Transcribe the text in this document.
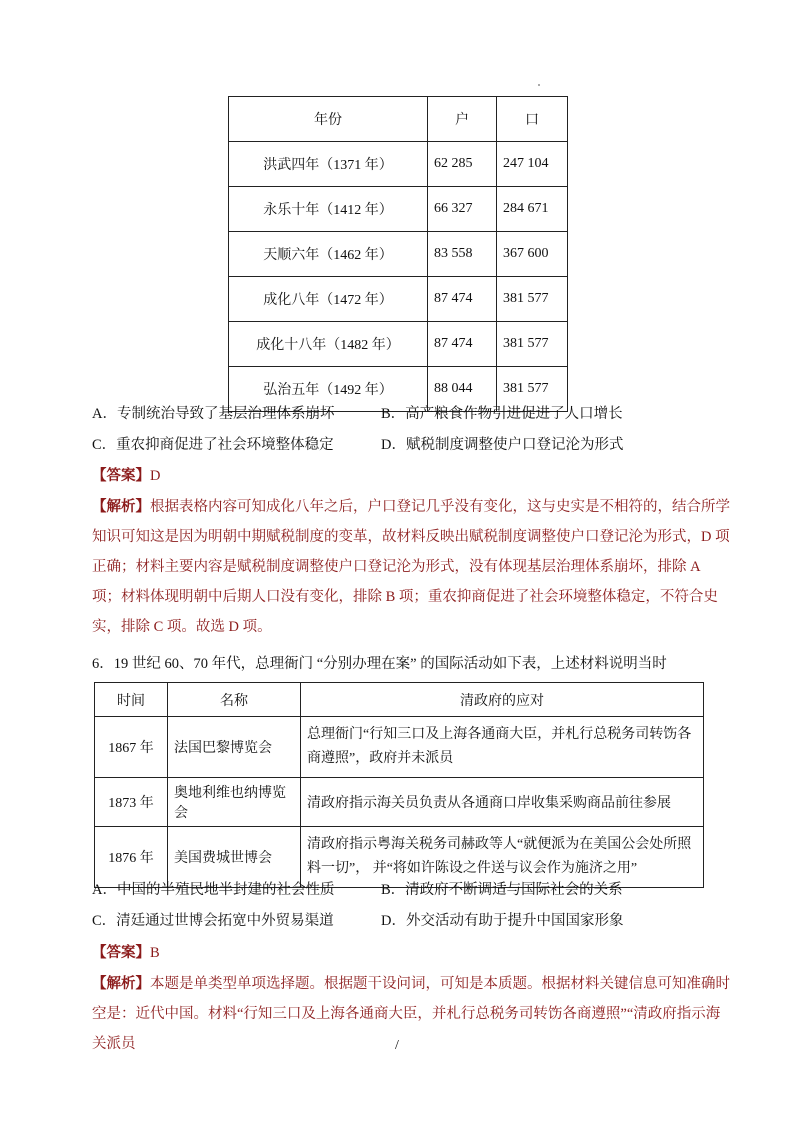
年份	户	口
洪武四年（1371 年）	62 285	247 104
永乐十年（1412 年）	66 327	284 671
天顺六年（1462 年）	83 558	367 600
成化八年（1472 年）	87 474	381 577
成化十八年（1482 年）	87 474	381 577
弘治五年（1492 年）	88 044	381 577
A．专制统治导致了基层治理体系崩坏	B．高产粮食作物引进促进了人口增长
C．重农抑商促进了社会环境整体稳定	D．赋税制度调整使户口登记沦为形式
【答案】D
【解析】根据表格内容可知成化八年之后，户口登记几乎没有变化，这与史实是不相符的，结合所学知识可知这是因为明朝中期赋税制度的变革，故材料反映出赋税制度调整使户口登记沦为形式，D 项正确；材料主要内容是赋税制度调整使户口登记沦为形式，没有体现基层治理体系崩坏，排除 A 项；材料体现明朝中后期人口没有变化，排除 B 项；重农抑商促进了社会环境整体稳定，不符合史实，排除 C 项。故选 D 项。
6．19 世纪 60、70 年代，总理衙门 “分别办理在案” 的国际活动如下表，上述材料说明当时
时间	名称	清政府的应对
1867 年	法国巴黎博览会	总理衙门“行知三口及上海各通商大臣，并札行总税务司转饬各商遵照”，政府并未派员
1873 年	奥地利维也纳博览会	清政府指示海关员负责从各通商口岸收集采购商品前往参展
1876 年	美国费城世博会	清政府指示粤海关税务司赫政等人“就便派为在美国公会处所照料一切”， 并“将如许陈设之件送与议会作为施济之用”
A．中国的半殖民地半封建的社会性质	B．清政府不断调适与国际社会的关系
C．清廷通过世博会拓宽中外贸易渠道	D．外交活动有助于提升中国国家形象
【答案】B
【解析】本题是单类型单项选择题。根据题干设问词，可知是本质题。根据材料关键信息可知准确时空是：近代中国。材料“行知三口及上海各通商大臣，并札行总税务司转饬各商遵照”“清政府指示海关派员	/
